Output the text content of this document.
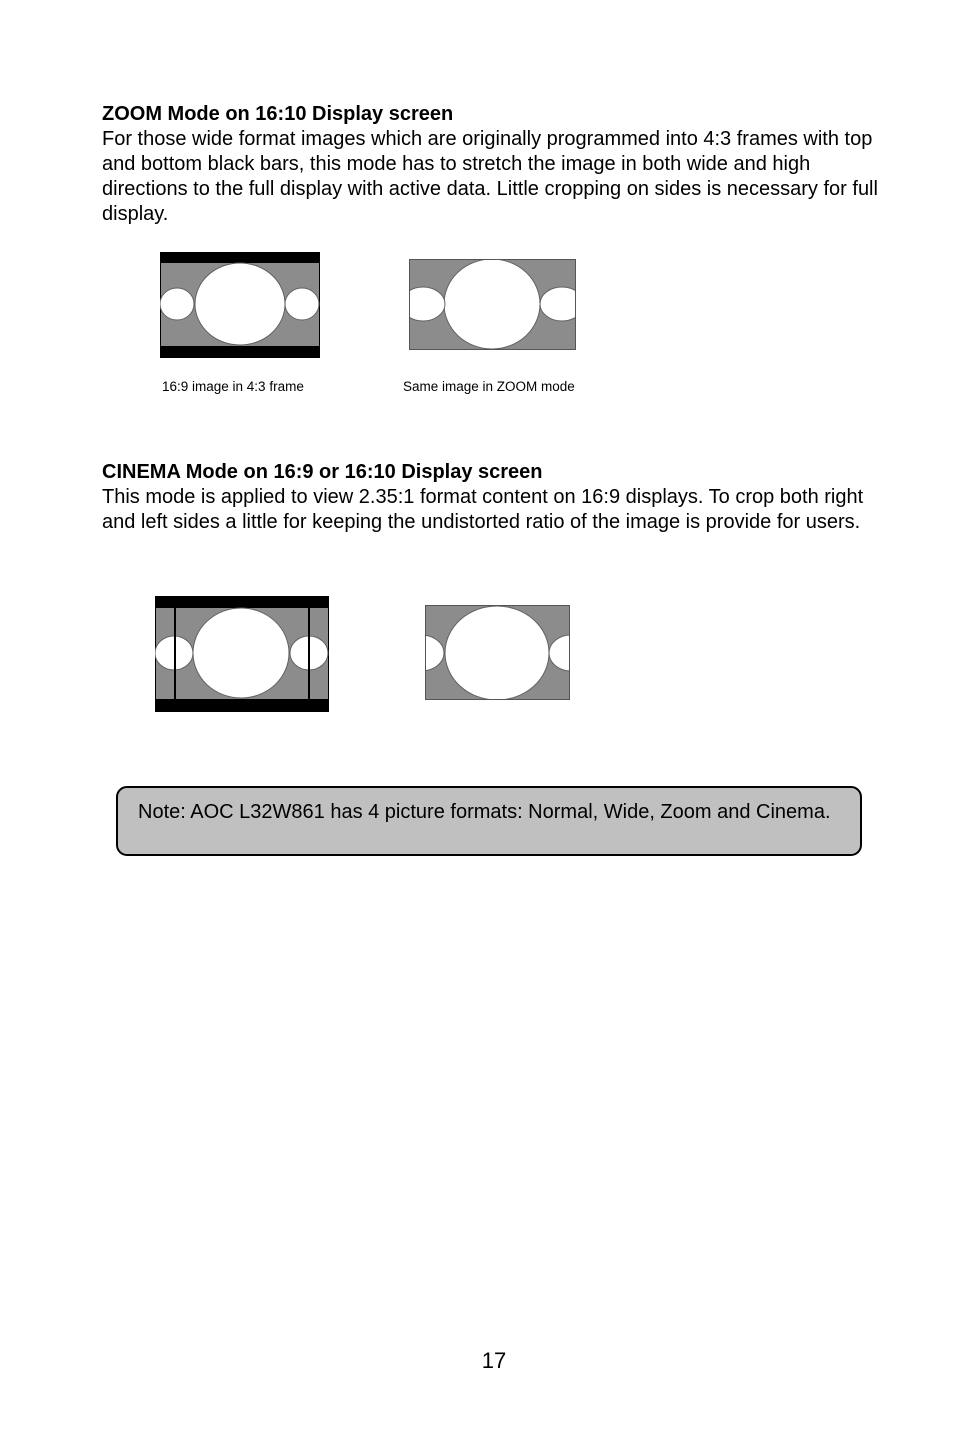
ZOOM Mode on 16:10 Display screen

For those wide format images which are originally programmed into 4:3 frames with top and bottom black bars, this mode has to stretch the image in both wide and high directions to the full display with active data. Little cropping on sides is necessary for full display.

16:9 image in 4:3 frame	Same image in ZOOM mode
CINEMA Mode on 16:9 or 16:10 Display screen

This mode is applied to view 2.35:1 format content on 16:9 displays. To crop both right and left sides a little for keeping the undistorted ratio of the image is provide for users.

Note: AOC L32W861 has 4 picture formats: Normal, Wide, Zoom and Cinema.

17
